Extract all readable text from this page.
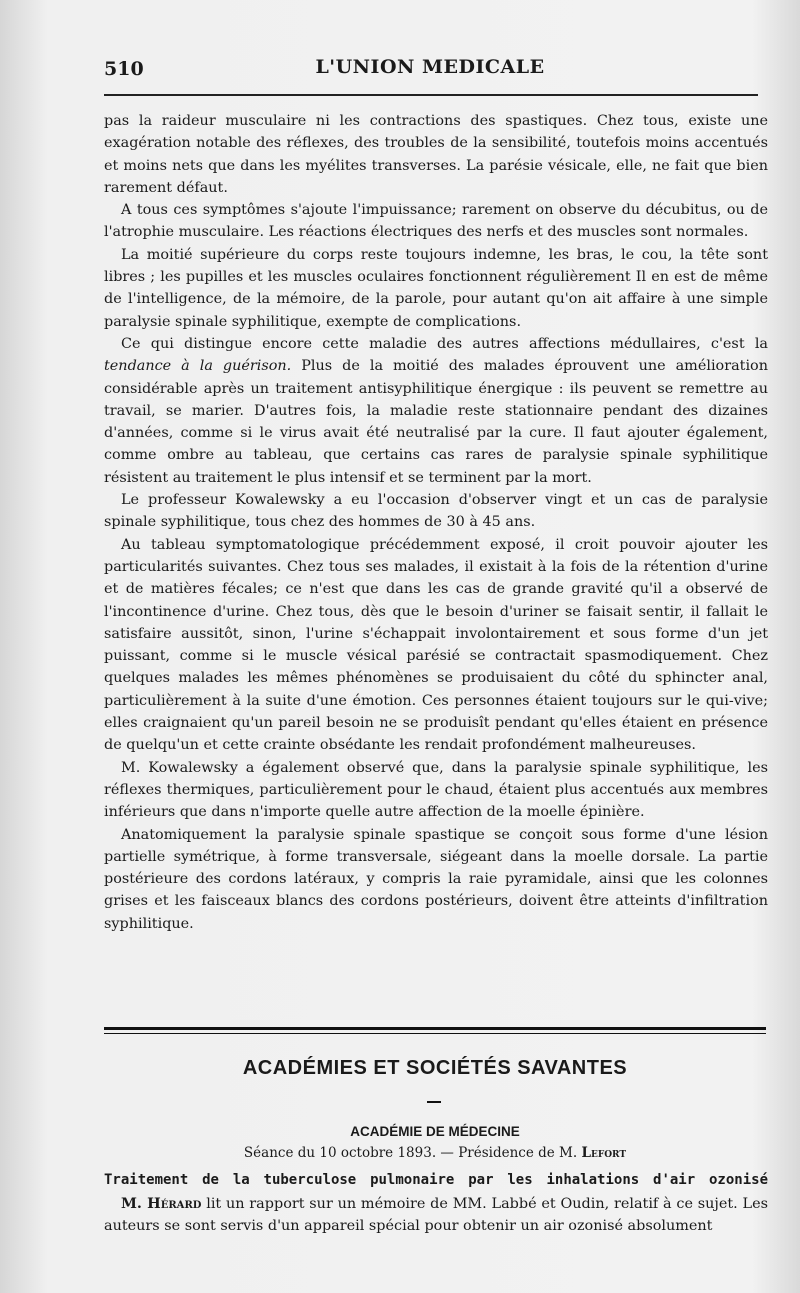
510	L'UNION MEDICALE

pas la raideur musculaire ni les contractions des spastiques. Chez tous, existe une exagération notable des réflexes, des troubles de la sensibilité, toutefois moins accentués et moins nets que dans les myélites transverses. La parésie vésicale, elle, ne fait que bien rarement défaut.

A tous ces symptômes s'ajoute l'impuissance; rarement on observe du décubitus, ou de l'atrophie musculaire. Les réactions électriques des nerfs et des muscles sont normales.

La moitié supérieure du corps reste toujours indemne, les bras, le cou, la tête sont libres ; les pupilles et les muscles oculaires fonctionnent régulièrement Il en est de même de l'intelligence, de la mémoire, de la parole, pour autant qu'on ait affaire à une simple paralysie spinale syphilitique, exempte de complications.

Ce qui distingue encore cette maladie des autres affections médullaires, c'est la tendance à la guérison. Plus de la moitié des malades éprouvent une amélioration considérable après un traitement antisyphilitique énergique : ils peuvent se remettre au travail, se marier. D'autres fois, la maladie reste stationnaire pendant des dizaines d'années, comme si le virus avait été neutralisé par la cure. Il faut ajouter également, comme ombre au tableau, que certains cas rares de paralysie spinale syphilitique résistent au traitement le plus intensif et se terminent par la mort.

Le professeur Kowalewsky a eu l'occasion d'observer vingt et un cas de paralysie spinale syphilitique, tous chez des hommes de 30 à 45 ans.

Au tableau symptomatologique précédemment exposé, il croit pouvoir ajouter les particularités suivantes. Chez tous ses malades, il existait à la fois de la rétention d'urine et de matières fécales; ce n'est que dans les cas de grande gravité qu'il a observé de l'incontinence d'urine. Chez tous, dès que le besoin d'uriner se faisait sentir, il fallait le satisfaire aussitôt, sinon, l'urine s'échappait involontairement et sous forme d'un jet puissant, comme si le muscle vésical parésié se contractait spasmodiquement. Chez quelques malades les mêmes phénomènes se produisaient du côté du sphincter anal, particulièrement à la suite d'une émotion. Ces personnes étaient toujours sur le qui-vive; elles craignaient qu'un pareil besoin ne se produisît pendant qu'elles étaient en présence de quelqu'un et cette crainte obsédante les rendait profondément malheureuses.

M. Kowalewsky a également observé que, dans la paralysie spinale syphilitique, les réflexes thermiques, particulièrement pour le chaud, étaient plus accentués aux membres inférieurs que dans n'importe quelle autre affection de la moelle épinière.

Anatomiquement la paralysie spinale spastique se conçoit sous forme d'une lésion partielle symétrique, à forme transversale, siégeant dans la moelle dorsale. La partie postérieure des cordons latéraux, y compris la raie pyramidale, ainsi que les colonnes grises et les faisceaux blancs des cordons postérieurs, doivent être atteints d'infiltration syphilitique.

ACADÉMIES ET SOCIÉTÉS SAVANTES
ACADÉMIE DE MÉDECINE
Séance du 10 octobre 1893. — Présidence de M. Lefort
Traitement de la tuberculose pulmonaire par les inhalations d'air ozonisé

M. Hérard lit un rapport sur un mémoire de MM. Labbé et Oudin, relatif à ce sujet. Les auteurs se sont servis d'un appareil spécial pour obtenir un air ozonisé absolument
